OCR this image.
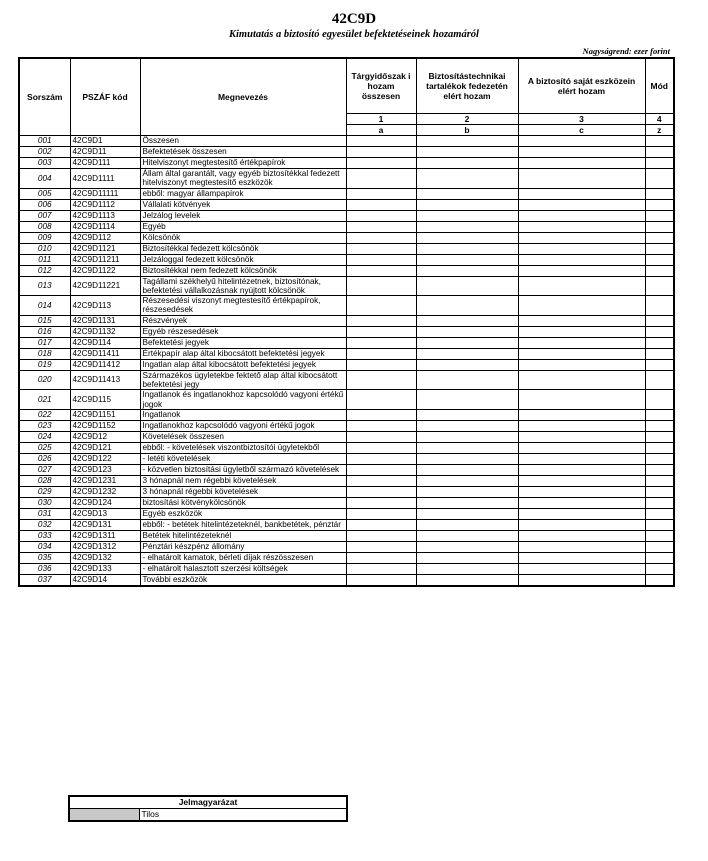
42C9D
Kimutatás a biztosító egyesület befektetéseinek hozamáról
Nagyságrend: ezer forint
Sorszám	PSZÁF kód	Megnevezés	Tárgyidőszak i hozam összesen	Biztosítástechnikai tartalékok fedezetén elért hozam	A biztosító saját eszközein elért hozam	Mód
			1	2	3	4
			a	b	c	z
001	42C9D1	Összesen				
002	42C9D11	Befektetések összesen				
003	42C9D111	Hitelviszonyt megtestesítő értékpapírok				
004	42C9D1111	Állam által garantált, vagy egyéb biztosítékkal fedezett hitelviszonyt megtestesítő eszközök				
005	42C9D11111	ebből: magyar állampapírok				
006	42C9D1112	Vállalati kötvények				
007	42C9D1113	Jelzálog levelek				
008	42C9D1114	Egyéb				
009	42C9D112	Kölcsönök				
010	42C9D1121	Biztosítékkal fedezett kölcsönök				
011	42C9D11211	Jelzáloggal fedezett kölcsönök				
012	42C9D1122	Biztosítékkal nem fedezett kölcsönök				
013	42C9D11221	Tagállami székhelyű hitelintézetnek, biztosítónak, befektetési vállalkozásnak nyújtott kölcsönök				
014	42C9D113	Részesedési viszonyt megtestesítő értékpapírok, részesedések				
015	42C9D1131	Részvények				
016	42C9D1132	Egyéb részesedések				
017	42C9D114	Befektetési jegyek				
018	42C9D11411	Értékpapír alap által kibocsátott befektetési jegyek				
019	42C9D11412	Ingatlan alap által kibocsátott befektetési jegyek				
020	42C9D11413	Származékos ügyletekbe fektető alap által kibocsátott befektetési jegy				
021	42C9D115	Ingatlanok és ingatlanokhoz kapcsolódó vagyoni értékű jogok				
022	42C9D1151	Ingatlanok				
023	42C9D1152	Ingatlanokhoz kapcsolódó vagyoni értékű jogok				
024	42C9D12	Követelések összesen				
025	42C9D121	ebből: - követelések viszontbiztosítói ügyletekből				
026	42C9D122	- letéti követelések				
027	42C9D123	- közvetlen biztosítási ügyletből származó követelések				
028	42C9D1231	3 hónapnál nem régebbi követelések				
029	42C9D1232	3 hónapnál régebbi követelések				
030	42C9D124	biztosítási kötvénykölcsönök				
031	42C9D13	Egyéb eszközök				
032	42C9D131	ebből: - betétek hitelintézeteknél, bankbetétek, pénztár				
033	42C9D1311	Betétek hitelintézeteknél				
034	42C9D1312	Pénztári készpénz állomány				
035	42C9D132	- elhatárolt kamatok, bérleti díjak részösszesen				
036	42C9D133	- elhatárolt halasztott szerzési költségek				
037	42C9D14	További eszközök				
Jelmagyarázat
	Tilos
